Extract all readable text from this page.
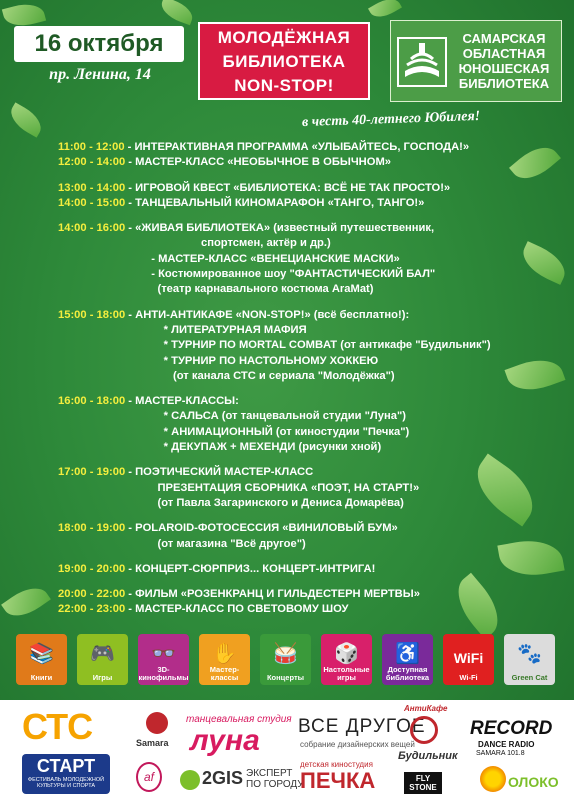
16 октября
пр. Ленина, 14
МОЛОДЁЖНАЯ
БИБЛИОТЕКА
NON-STOP!
САМАРСКАЯ
ОБЛАСТНАЯ
ЮНОШЕСКАЯ
БИБЛИОТЕКА
в честь 40-летнего Юбилея!
11:00 - 12:00 - ИНТЕРАКТИВНАЯ ПРОГРАММА «УЛЫБАЙТЕСЬ, ГОСПОДА!»
12:00 - 14:00 - МАСТЕР-КЛАСС «НЕОБЫЧНОЕ В ОБЫЧНОМ»
13:00 - 14:00 - ИГРОВОЙ КВЕСТ «БИБЛИОТЕКА: ВСЁ НЕ ТАК ПРОСТО!»
14:00 - 15:00 - ТАНЦЕВАЛЬНЫЙ КИНОМАРАФОН «ТАНГО, ТАНГО!»
14:00 - 16:00 - «ЖИВАЯ БИБЛИОТЕКА» (известный путешественник,
спортсмен, актёр и др.)
- МАСТЕР-КЛАСС «ВЕНЕЦИАНСКИЕ МАСКИ»
- Костюмированное шоу "ФАНТАСТИЧЕСКИЙ БАЛ"
(театр карнавального костюма AraMat)
15:00 - 18:00 - АНТИ-АНТИКАФЕ «NON-STOP!» (всё бесплатно!):
* ЛИТЕРАТУРНАЯ МАФИЯ
* ТУРНИР ПО MORTAL COMBAT (от антикафе "Будильник")
* ТУРНИР ПО НАСТОЛЬНОМУ ХОККЕЮ
(от канала СТС и сериала "Молодёжка")
16:00 - 18:00 - МАСТЕР-КЛАССЫ:
* САЛЬСА (от танцевальной студии "Луна")
* АНИМАЦИОННЫЙ (от киностудии "Печка")
* ДЕКУПАЖ + МЕХЕНДИ (рисунки хной)
17:00 - 19:00 - ПОЭТИЧЕСКИЙ МАСТЕР-КЛАСС
ПРЕЗЕНТАЦИЯ СБОРНИКА «ПОЭТ, НА СТАРТ!»
(от Павла Загаринского и Дениса Домарёва)
18:00 - 19:00 - POLAROID-ФОТОСЕССИЯ «ВИНИЛОВЫЙ БУМ»
(от магазина "Всё другое")
19:00 - 20:00 - КОНЦЕРТ-СЮРПРИЗ... КОНЦЕРТ-ИНТРИГА!
20:00 - 22:00 - ФИЛЬМ «РОЗЕНКРАНЦ И ГИЛЬДЕСТЕРН МЕРТВЫ»
22:00 - 23:00 - МАСТЕР-КЛАСС ПО СВЕТОВОМУ ШОУ
📚
Книги
🎮
Игры
👓
3D-кинофильмы
✋
Мастер-классы
🥁
Концерты
🎲
Настольные игры
♿
Доступная библиотека
WiFi
Wi-Fi
🐾
Green Cat
СТС
СТАРТ
ФЕСТИВАЛЬ МОЛОДЕЖНОЙ КУЛЬТУРЫ И СПОРТА
Samara
af
танцевальная студия
луна
2GIS ЭКСПЕРТ ПО ГОРОДУ
ВСЕ ДРУГОЕ
собрание дизайнерских вещей
детская киностудия
ПЕЧКА
АнтиКафе
Будильник
FLY STONE
RECORD
DANCE RADIO
SAMARA 101.8
ОЛОКО
